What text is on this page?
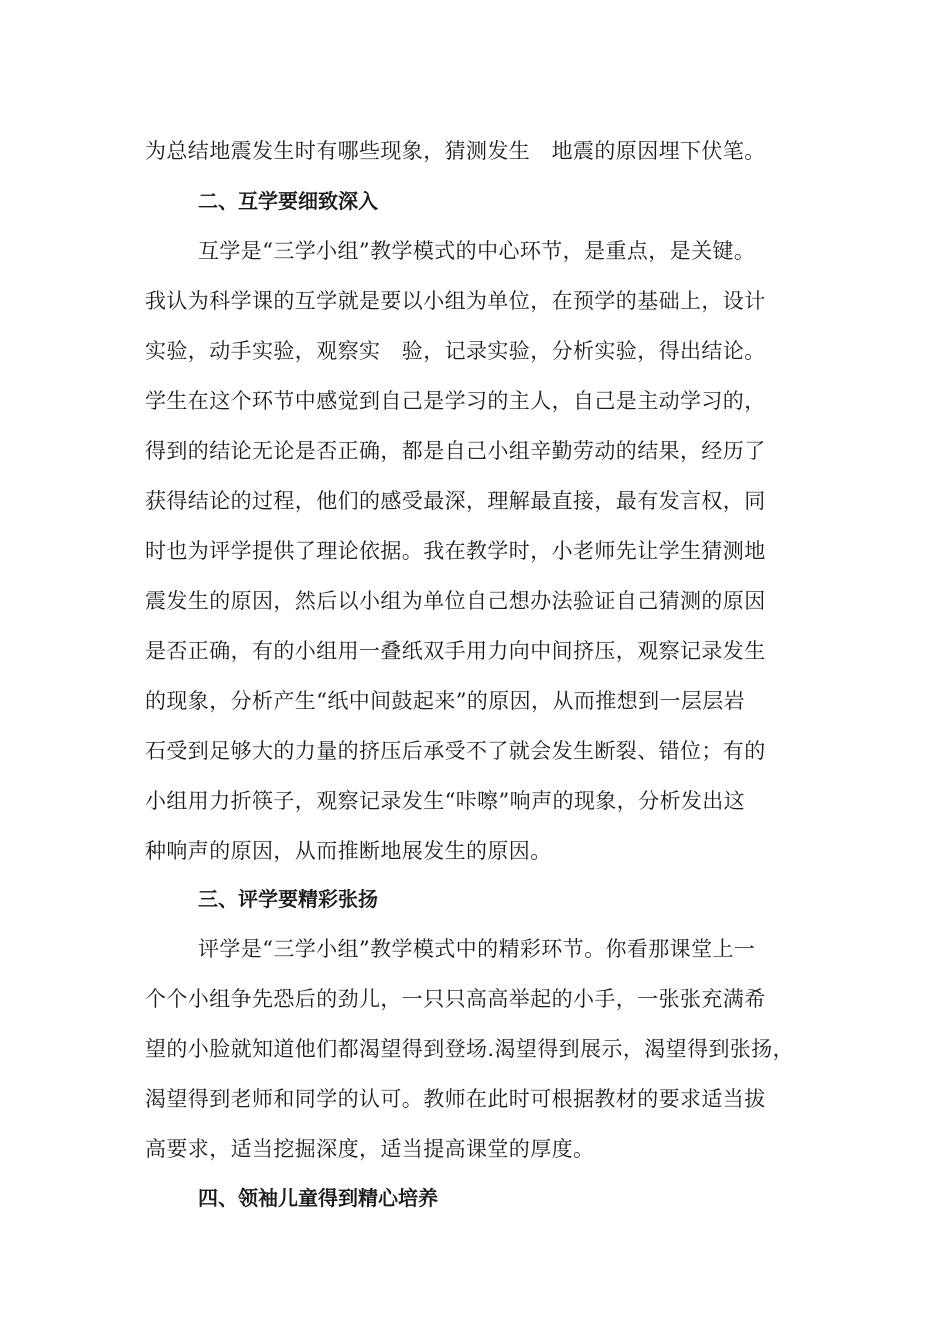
为总结地震发生时有哪些现象，猜测发生　地震的原因埋下伏笔。
二、互学要细致深入
互学是“三学小组”教学模式的中心环节，是重点，是关键。
我认为科学课的互学就是要以小组为单位，在预学的基础上，设计
实验，动手实验，观察实　验，记录实验，分析实验，得出结论。
学生在这个环节中感觉到自己是学习的主人，自己是主动学习的，
得到的结论无论是否正确，都是自己小组辛勤劳动的结果，经历了
获得结论的过程，他们的感受最深，理解最直接，最有发言权，同
时也为评学提供了理论依据。我在教学时，小老师先让学生猜测地
震发生的原因，然后以小组为单位自己想办法验证自己猜测的原因
是否正确，有的小组用一叠纸双手用力向中间挤压，观察记录发生
的现象，分析产生“纸中间鼓起来”的原因，从而推想到一层层岩
石受到足够大的力量的挤压后承受不了就会发生断裂、错位；有的
小组用力折筷子，观察记录发生“咔嚓”响声的现象，分析发出这
种响声的原因，从而推断地展发生的原因。
三、评学要精彩张扬
评学是“三学小组”教学模式中的精彩环节。你看那课堂上一
个个小组争先恐后的劲儿，一只只高高举起的小手，一张张充满希
望的小脸就知道他们都渴望得到登场.渴望得到展示，渴望得到张扬，
渴望得到老师和同学的认可。教师在此时可根据教材的要求适当拔
高要求，适当挖掘深度，适当提高课堂的厚度。
四、领袖儿童得到精心培养
